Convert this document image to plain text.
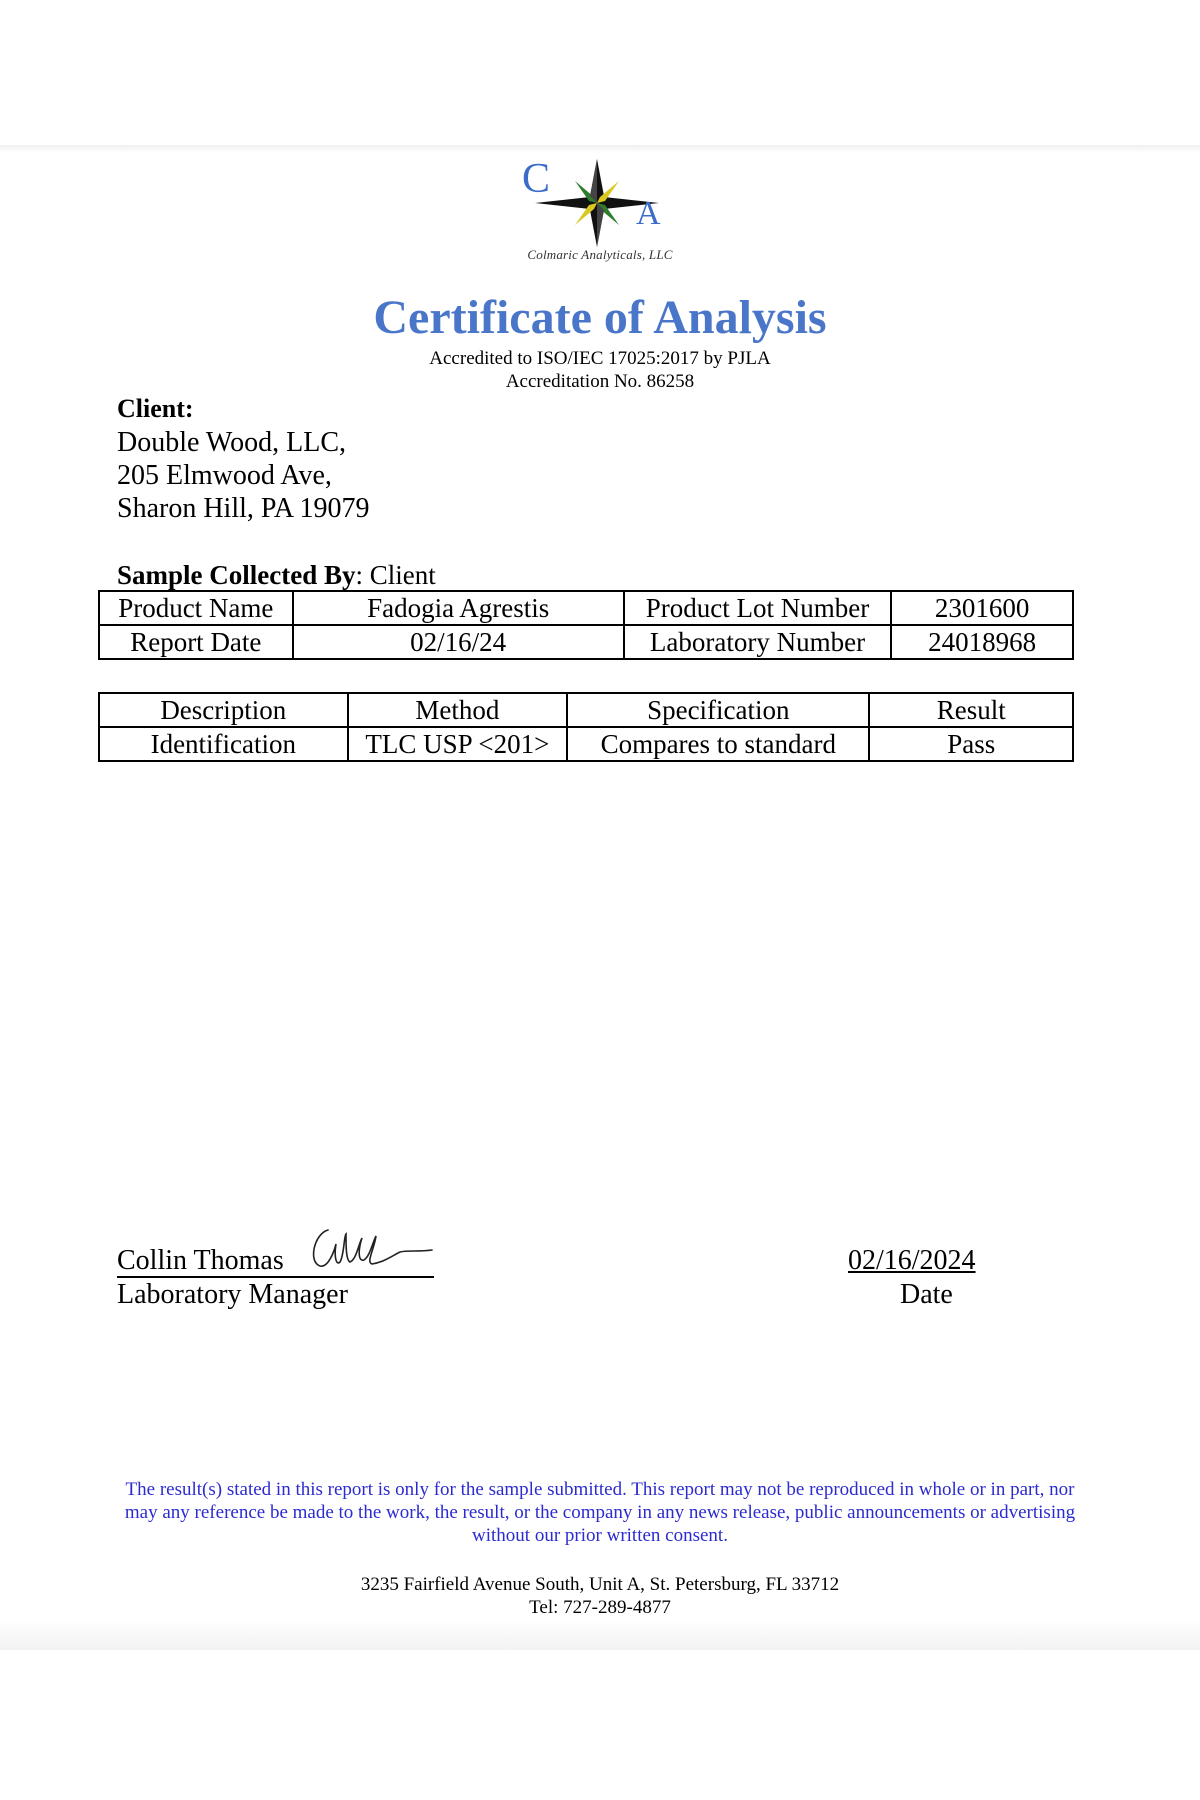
C
A
Colmaric Analyticals, LLC
Certificate of Analysis
Accredited to ISO/IEC 17025:2017 by PJLA
Accreditation No. 86258
Client:
Double Wood, LLC,
205 Elmwood Ave,
Sharon Hill, PA 19079
Sample Collected By: Client
Product Name	Fadogia Agrestis	Product Lot Number	2301600
Report Date	02/16/24	Laboratory Number	24018968
Description	Method	Specification	Result
Identification	TLC USP <201>	Compares to standard	Pass
Collin Thomas
Laboratory Manager
02/16/2024
Date
The result(s) stated in this report is only for the sample submitted. This report may not be reproduced in whole or in part, nor may any reference be made to the work, the result, or the company in any news release, public announcements or advertising without our prior written consent.
3235 Fairfield Avenue South, Unit A, St. Petersburg, FL 33712
Tel: 727-289-4877
